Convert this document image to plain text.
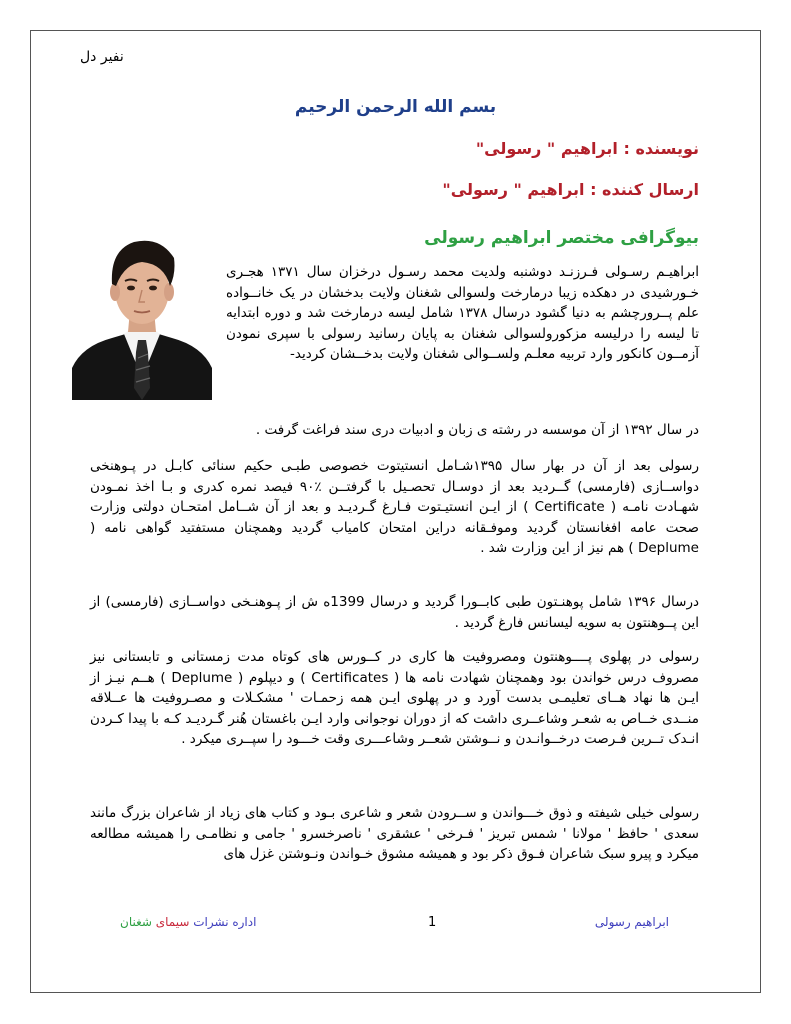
نفیر دل
بسم الله الرحمن الرحیم
نویسنده : ابراهیم " رسولی"
ارسال کننده : ابراهیم " رسولی"
بیوگرافی مختصر ابراهیم رسولی
ابراهیـم رسـولی فـرزنـد دوشنبه ولدیت محمد رسـول درخزان سال ۱۳۷۱ هجـری خـورشیدی در دهکده زیبا درمارخت ولسوالی شغنان ولایت بدخشان در یک خانــواده علم پــرورچشم به دنیا گشود درسال ۱۳۷۸ شامل لیسه درمارخت شد و دوره ابتدایه تا لیسه را درلیسه مزکورولسوالی شغنان به پایان رسانید رسولی با سپری نمودن آزمــون کانکور وارد تربیه معلـم ولســوالی شغنان ولایت بدخــشان کردید-
در سال ۱۳۹۲ از آن موسسه در رشته ی زبان و ادبیات دری سند فراغت گرفت .
رسولی بعد از آن در بهار سال ۱۳۹۵شـامل انستیتوت خصوصی طبـی حکیم سنائی کابـل در پـوهنخی دواســازی (فارمسی) گــردید بعد از دوسـال تحصـیل با گرفتــن ٪۹۰ فیصد نمره کدری و بـا اخذ نمـودن شهـادت نامـه ( Certificate ) از ایـن انستیـتوت فـارغ گـردیـد و بعد از آن شــامل امتحـان دولتی وزارت صحت عامه افغانستان گردید وموفـقانه دراین امتحان کامیاب گردید وهمچنان مستفتید گواهی نامه ( Deplume ) هم نیز از این وزارت شد .
درسال ۱۳۹۶ شامل پوهنـتون طبی کابــورا گردید و درسال 1399ه ش از پـوهنـخی دواســازی (فارمسی) از این پــوهنتون به سویه لیسانس فارغ گردید .
رسولی در پهلوی پــــوهنتون ومصروفیت ها کاری در کــورس های کوتاه مدت زمستانی و تابستانی نیز مصروف درس خواندن بود وهمچنان شهادت نامه ها ( Certificates ) و دیپلوم ( Deplume ) هــم نیـز از ایـن ها نهاد هــای تعلیمـی بدست آورد و در پهلوی ایـن همه زحمـات ' مشکـلات و مصـروفیت ها عــلاقه منــدی خــاص به شعـر وشاعــری داشت که از دوران نوجوانی وارد ایـن باغستان هُنر گـردیـد کـه با پیدا کـردن انـدک تــرین فـرصت درخــوانـدن و نــوشتن شعــر وشاعـــری وقت خـــود را سپــری میکرد .
رسولی خیلی شیفته و ذوق خـــواندن و ســرودن شعر و شاعری بـود و کتاب های زیاد از شاعران بزرگ مانند سعدی ' حافظ ' مولانا ' شمس تبریز ' فـرخی ' عشقری ' ناصرخسرو ' جامی و نظامـی را همیشه مطالعه میکرد و پیرو سبک شاعران فـوق ذکر بود و همیشه مشوق خـواندن ونـوشتن غزل های
اداره نشرات سیمای شغنان	1	ابراهیم رسولی
